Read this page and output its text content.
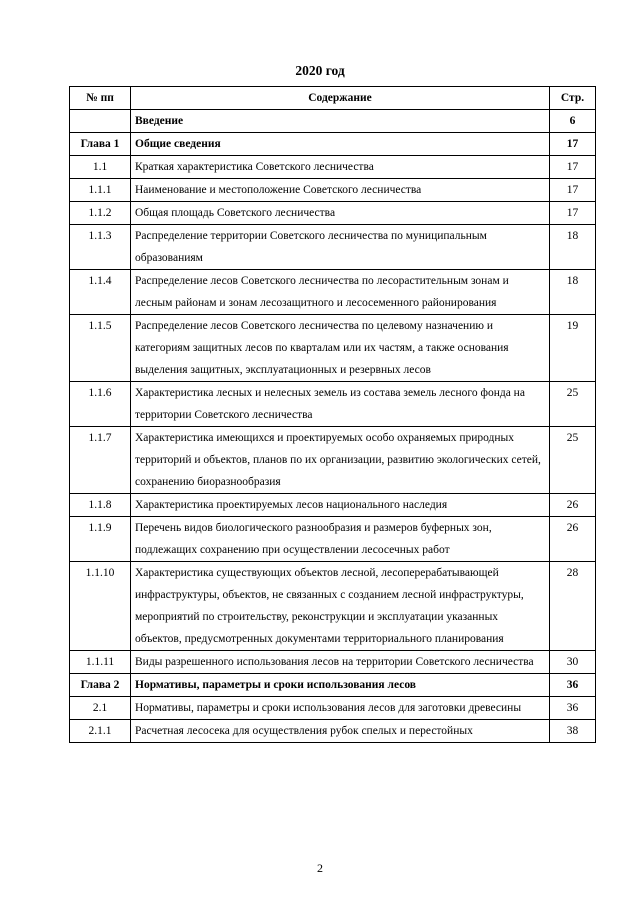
2020 год
№ пп	Содержание	Стр.
	Введение	6
Глава 1	Общие сведения	17
1.1	Краткая характеристика Советского лесничества	17
1.1.1	Наименование и местоположение Советского лесничества	17
1.1.2	Общая площадь Советского лесничества	17
1.1.3	Распределение территории Советского лесничества по муниципальным образованиям	18
1.1.4	Распределение лесов Советского лесничества по лесорастительным зонам и лесным районам и зонам лесозащитного и лесосеменного районирования	18
1.1.5	Распределение лесов Советского лесничества по целевому назначению и категориям защитных лесов по кварталам или их частям, а также основания выделения защитных, эксплуатационных и резервных лесов	19
1.1.6	Характеристика лесных и нелесных земель из состава земель лесного фонда на территории Советского лесничества	25
1.1.7	Характеристика имеющихся и проектируемых особо охраняемых природных территорий и объектов, планов по их организации, развитию экологических сетей, сохранению биоразнообразия	25
1.1.8	Характеристика проектируемых лесов национального наследия	26
1.1.9	Перечень видов биологического разнообразия и размеров буферных зон, подлежащих сохранению при осуществлении лесосечных работ	26
1.1.10	Характеристика существующих объектов лесной, лесоперерабатывающей инфраструктуры, объектов, не связанных с созданием лесной инфраструктуры, мероприятий по строительству, реконструкции и эксплуатации указанных объектов, предусмотренных документами территориального планирования	28
1.1.11	Виды разрешенного использования лесов на территории Советского лесничества	30
Глава 2	Нормативы, параметры и сроки использования лесов	36
2.1	Нормативы, параметры и сроки использования лесов для заготовки древесины	36
2.1.1	Расчетная лесосека для осуществления рубок спелых и перестойных	38
2
